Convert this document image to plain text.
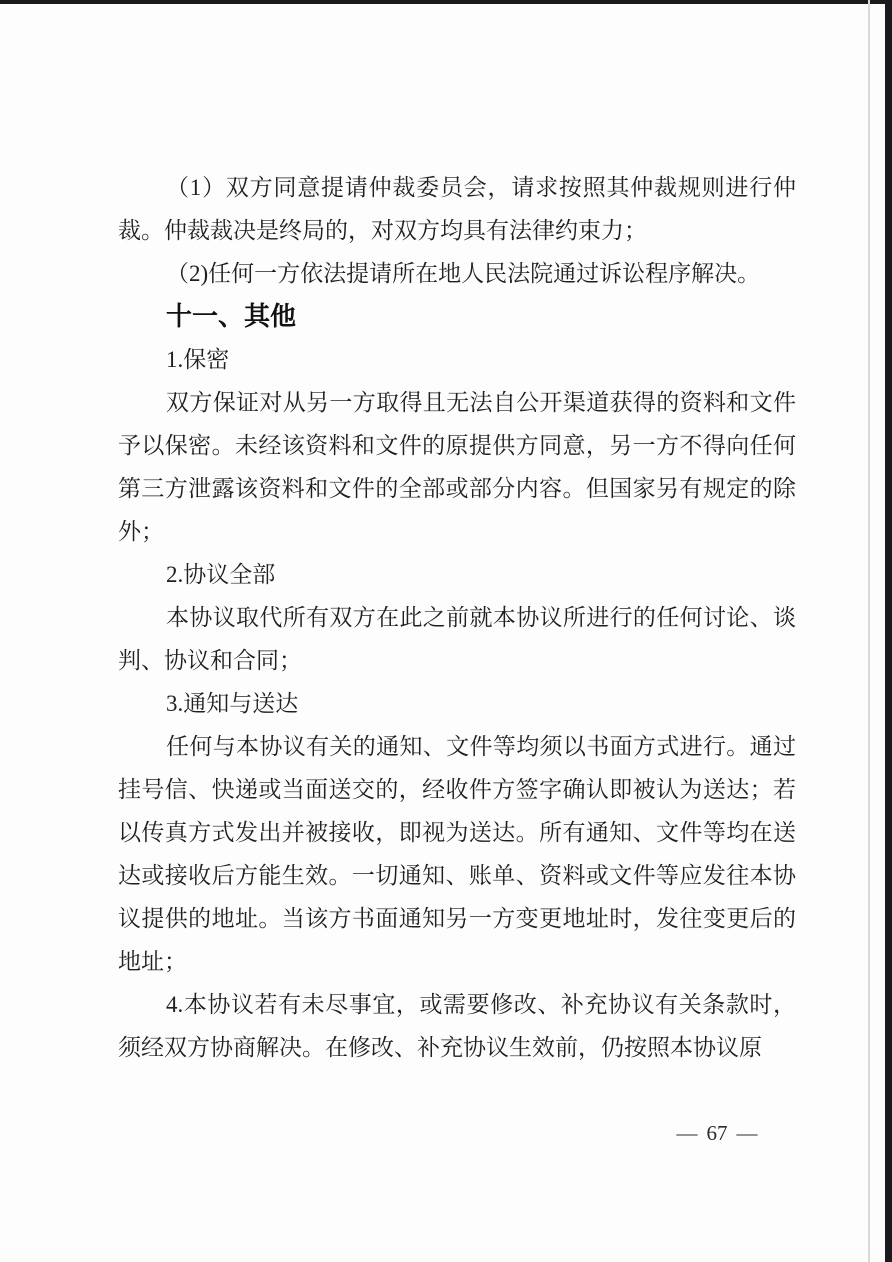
（1）双方同意提请仲裁委员会，请求按照其仲裁规则进行仲裁。仲裁裁决是终局的，对双方均具有法律约束力；

（2)任何一方依法提请所在地人民法院通过诉讼程序解决。

十一、其他

1.保密

双方保证对从另一方取得且无法自公开渠道获得的资料和文件予以保密。未经该资料和文件的原提供方同意，另一方不得向任何第三方泄露该资料和文件的全部或部分内容。但国家另有规定的除外；

2.协议全部

本协议取代所有双方在此之前就本协议所进行的任何讨论、谈判、协议和合同；

3.通知与送达

任何与本协议有关的通知、文件等均须以书面方式进行。通过挂号信、快递或当面送交的，经收件方签字确认即被认为送达；若以传真方式发出并被接收，即视为送达。所有通知、文件等均在送达或接收后方能生效。一切通知、账单、资料或文件等应发往本协议提供的地址。当该方书面通知另一方变更地址时，发往变更后的地址；

4.本协议若有未尽事宜，或需要修改、补充协议有关条款时，须经双方协商解决。在修改、补充协议生效前，仍按照本协议原

— 67 —
